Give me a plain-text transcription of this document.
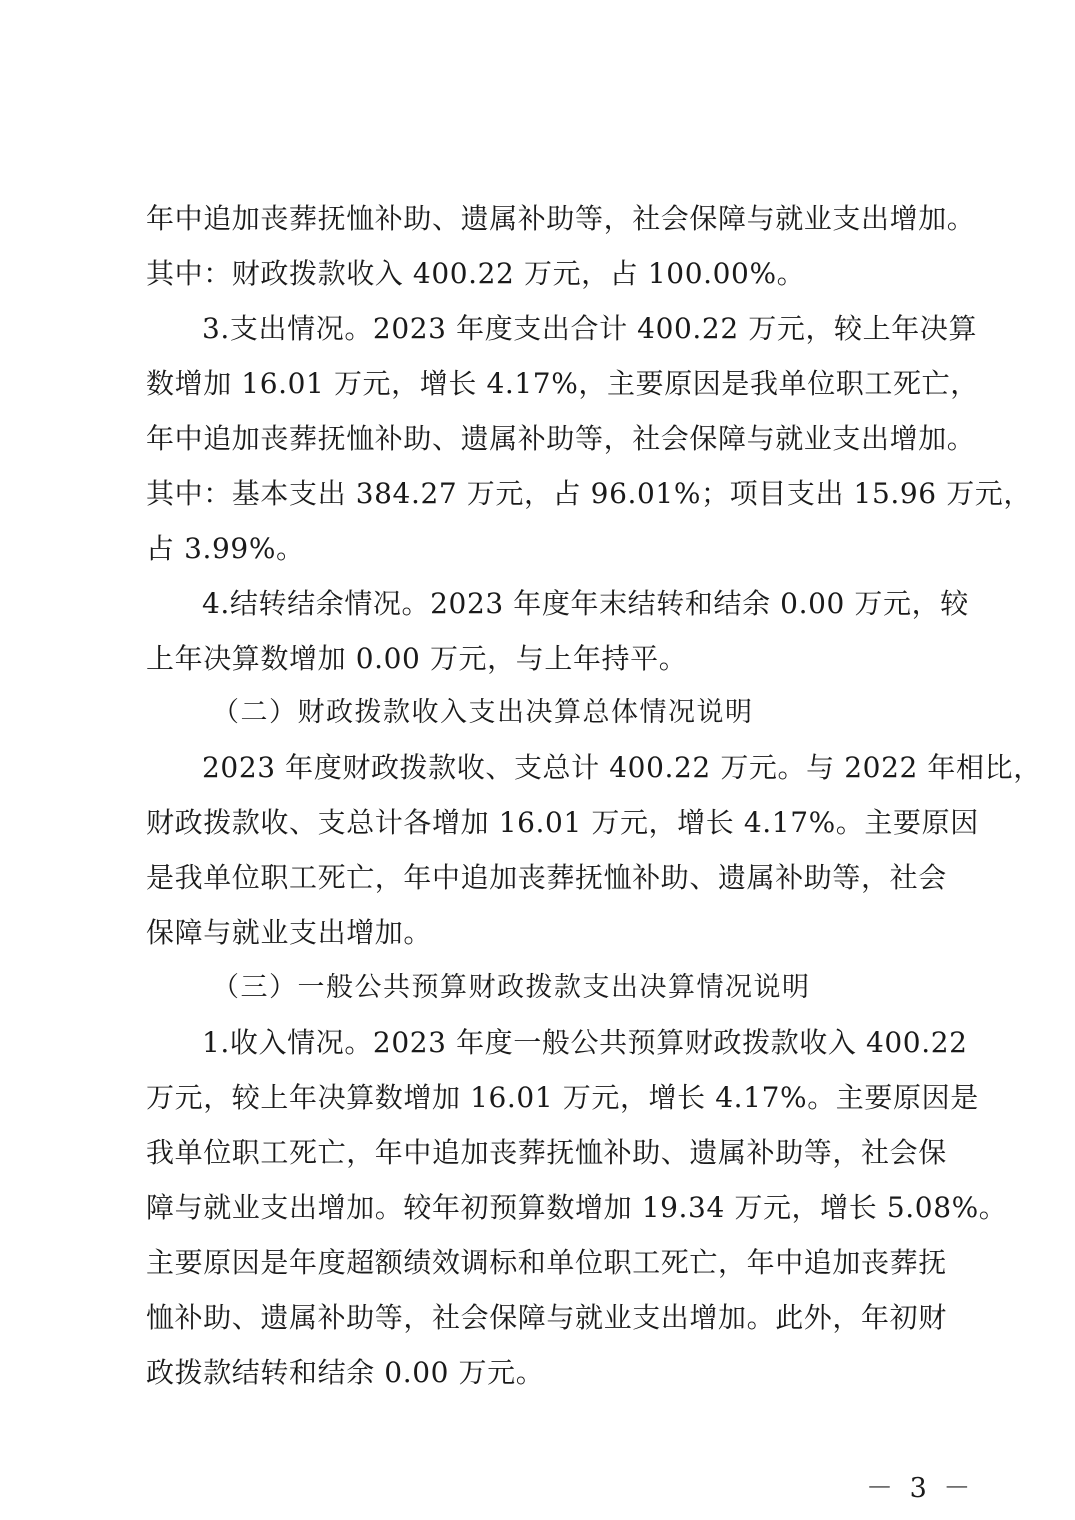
年中追加丧葬抚恤补助、遗属补助等，社会保障与就业支出增加。
其中：财政拨款收入 400.22 万元，占 100.00%。
3.支出情况。2023 年度支出合计 400.22 万元，较上年决算
数增加 16.01 万元，增长 4.17%，主要原因是我单位职工死亡，
年中追加丧葬抚恤补助、遗属补助等，社会保障与就业支出增加。
其中：基本支出 384.27 万元，占 96.01%；项目支出 15.96 万元，
占 3.99%。
4.结转结余情况。2023 年度年末结转和结余 0.00 万元，较
上年决算数增加 0.00 万元，与上年持平。
（二）财政拨款收入支出决算总体情况说明
2023 年度财政拨款收、支总计 400.22 万元。与 2022 年相比，
财政拨款收、支总计各增加 16.01 万元，增长 4.17%。主要原因
是我单位职工死亡，年中追加丧葬抚恤补助、遗属补助等，社会
保障与就业支出增加。
（三）一般公共预算财政拨款支出决算情况说明
1.收入情况。2023 年度一般公共预算财政拨款收入 400.22
万元，较上年决算数增加 16.01 万元，增长 4.17%。主要原因是
我单位职工死亡，年中追加丧葬抚恤补助、遗属补助等，社会保
障与就业支出增加。较年初预算数增加 19.34 万元，增长 5.08%。
主要原因是年度超额绩效调标和单位职工死亡，年中追加丧葬抚
恤补助、遗属补助等，社会保障与就业支出增加。此外，年初财
政拨款结转和结余 0.00 万元。
－ 3 －
